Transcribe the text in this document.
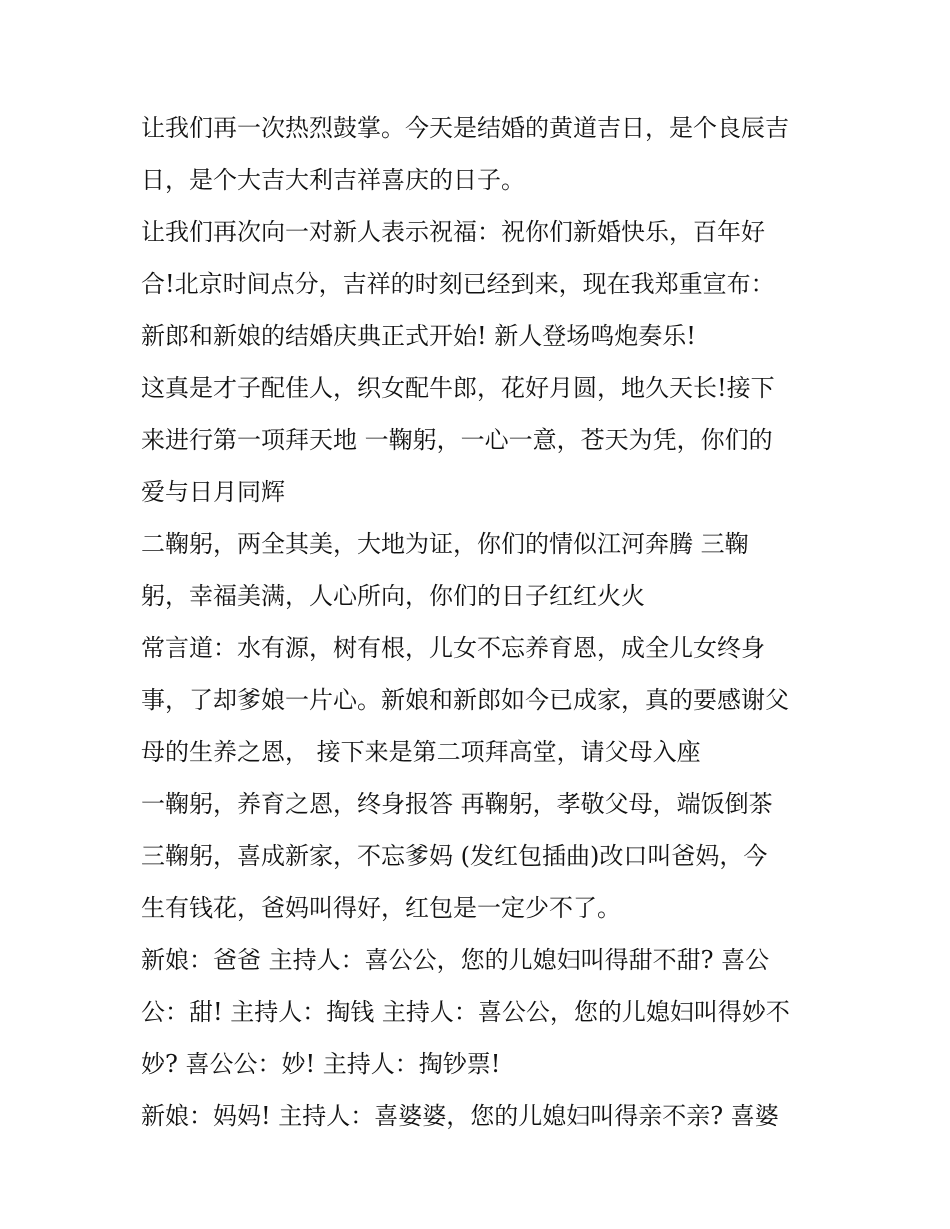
让我们再一次热烈鼓掌。今天是结婚的黄道吉日，是个良辰吉
日，是个大吉大利吉祥喜庆的日子。
让我们再次向一对新人表示祝福：祝你们新婚快乐，百年好
合!北京时间点分，吉祥的时刻已经到来，现在我郑重宣布：
新郎和新娘的结婚庆典正式开始! 新人登场鸣炮奏乐!
这真是才子配佳人，织女配牛郎，花好月圆，地久天长!接下
来进行第一项拜天地 一鞠躬，一心一意，苍天为凭，你们的
爱与日月同辉
二鞠躬，两全其美，大地为证，你们的情似江河奔腾 三鞠
躬，幸福美满，人心所向，你们的日子红红火火
常言道：水有源，树有根，儿女不忘养育恩，成全儿女终身
事，了却爹娘一片心。新娘和新郎如今已成家，真的要感谢父
母的生养之恩， 接下来是第二项拜高堂，请父母入座
一鞠躬，养育之恩，终身报答 再鞠躬，孝敬父母，端饭倒茶
三鞠躬，喜成新家，不忘爹妈 (发红包插曲)改口叫爸妈，今
生有钱花，爸妈叫得好，红包是一定少不了。
新娘：爸爸 主持人：喜公公，您的儿媳妇叫得甜不甜? 喜公
公：甜! 主持人：掏钱 主持人：喜公公，您的儿媳妇叫得妙不
妙? 喜公公：妙! 主持人：掏钞票!
新娘：妈妈! 主持人：喜婆婆，您的儿媳妇叫得亲不亲? 喜婆
